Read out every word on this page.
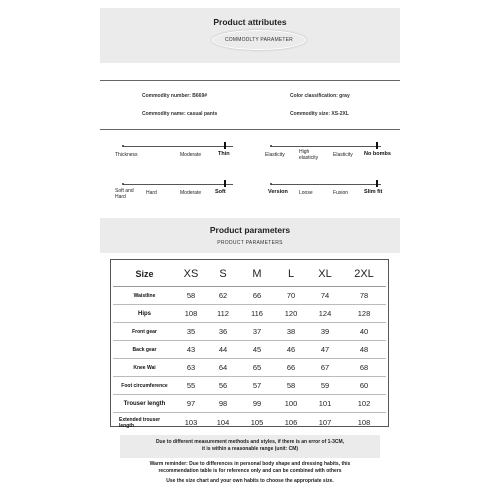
Product attributes
COMMODLTY PARAMETER
Commodity number: B669#	Color classification: gray
Commodity name: casual pants	Commodity size: XS-2XL
Thickness	Moderate	Thin	Elasticity	High elasticity	Elasticity No bombs
Soft and Hard
Hard	Moderate	Soft	Version Loose	Fusion	Slim fit
Product parameters
PRODUCT PARAMETERS
Size	XS	S	M	L	XL	2XL
Waistline	58	62	66	70	74	78
Hips	108	112	116	120	124	128
Front gear	35	36	37	38	39	40
Back gear	43	44	45	46	47	48
Knee Wai	63	64	65	66	67	68
Foot circumference	55	56	57	58	59	60
Trouser length	97	98	99	100	101	102
Extended trouser length	103	104	105	106	107	108
Due to different measurement methods and styles, if there is an error of 1-3CM,
it is within a reasonable range (unit: CM)
Warm reminder: Due to differences in personal body shape and dressing habits, this
recommendation table is for reference only and can be combined with others
Use the size chart and your own habits to choose the appropriate size.
